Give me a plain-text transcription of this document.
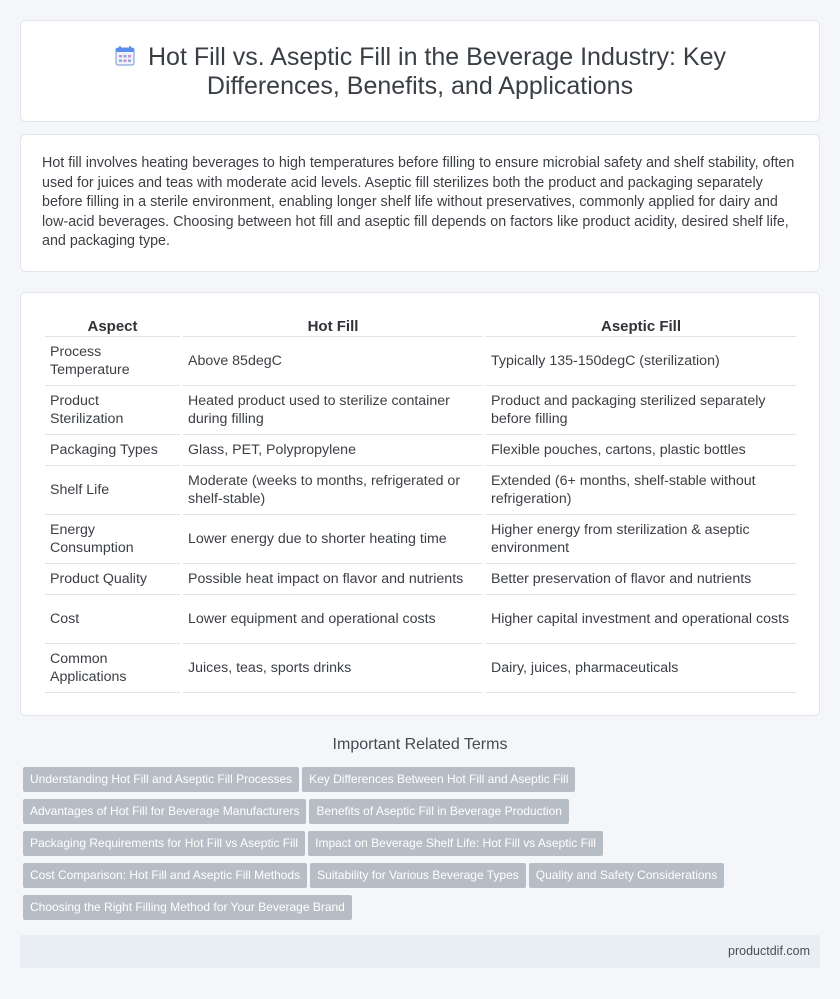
Hot Fill vs. Aseptic Fill in the Beverage Industry: Key Differences, Benefits, and Applications

Hot fill involves heating beverages to high temperatures before filling to ensure microbial safety and shelf stability, often used for juices and teas with moderate acid levels. Aseptic fill sterilizes both the product and packaging separately before filling in a sterile environment, enabling longer shelf life without preservatives, commonly applied for dairy and low-acid beverages. Choosing between hot fill and aseptic fill depends on factors like product acidity, desired shelf life, and packaging type.

Aspect	Hot Fill	Aseptic Fill
Process Temperature	Above 85degC	Typically 135-150degC (sterilization)
Product Sterilization	Heated product used to sterilize container during filling	Product and packaging sterilized separately before filling
Packaging Types	Glass, PET, Polypropylene	Flexible pouches, cartons, plastic bottles
Shelf Life	Moderate (weeks to months, refrigerated or shelf-stable)	Extended (6+ months, shelf-stable without refrigeration)
Energy Consumption	Lower energy due to shorter heating time	Higher energy from sterilization & aseptic environment
Product Quality	Possible heat impact on flavor and nutrients	Better preservation of flavor and nutrients
Cost	Lower equipment and operational costs	Higher capital investment and operational costs
Common Applications	Juices, teas, sports drinks	Dairy, juices, pharmaceuticals
Important Related Terms
Understanding Hot Fill and Aseptic Fill Processes Key Differences Between Hot Fill and Aseptic Fill
Advantages of Hot Fill for Beverage Manufacturers Benefits of Aseptic Fill in Beverage Production
Packaging Requirements for Hot Fill vs Aseptic Fill Impact on Beverage Shelf Life: Hot Fill vs Aseptic Fill
Cost Comparison: Hot Fill and Aseptic Fill Methods Suitability for Various Beverage Types Quality and Safety Considerations
Choosing the Right Filling Method for Your Beverage Brand
productdif.com
